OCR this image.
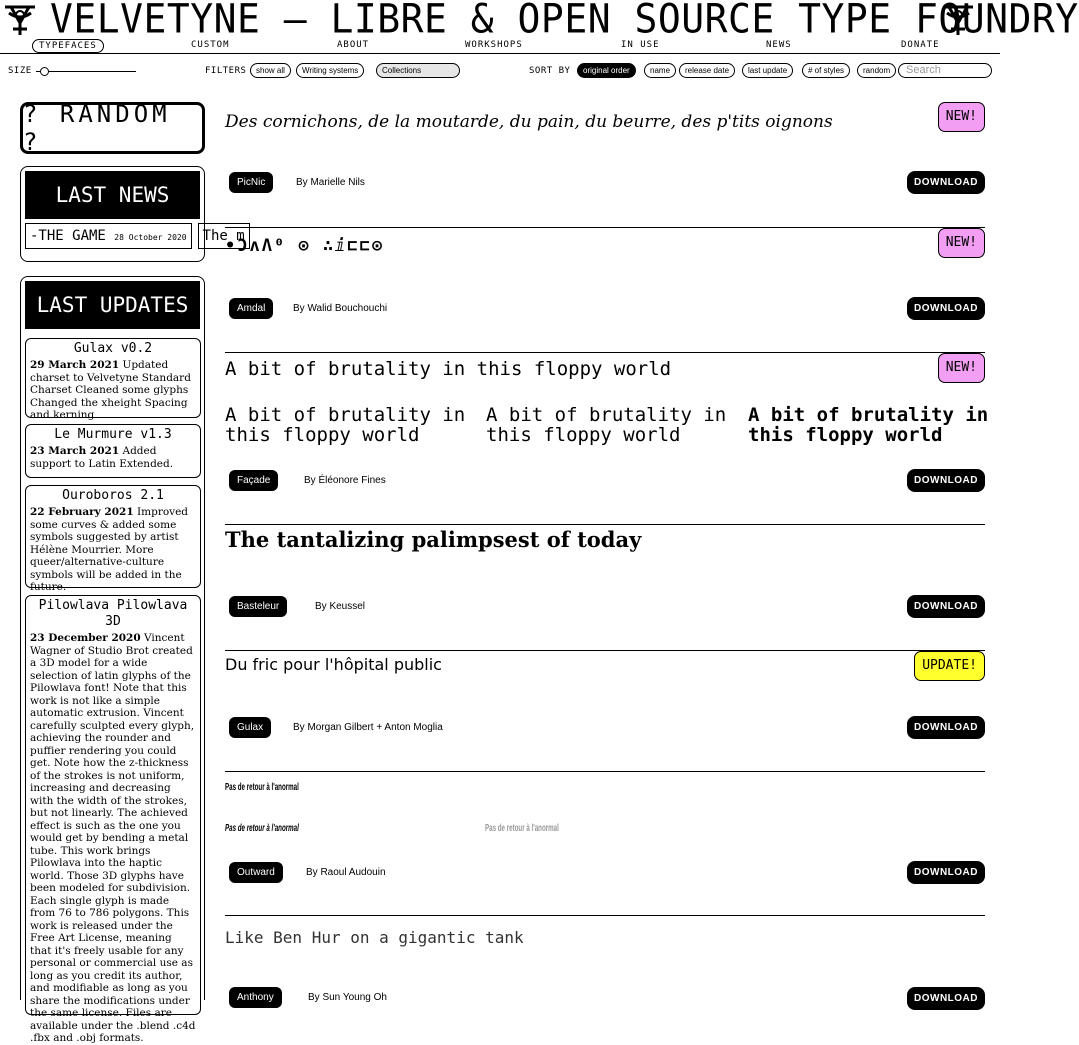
VELVETYNE — LIBRE & OPEN SOURCE TYPE FOUNDRY
TYPEFACES	CUSTOM	ABOUT	WORKSHOPS	IN USE	NEWS	DONATE
SIZE	FILTERS	show all	Writing systems	Collections	SORT BY	original order	name	release date	last update	# of styles	random	Search
? RANDOM ?
LAST NEWS
-THE GAME 28 October 2020 The m
LAST UPDATES
Gulax v0.2
29 March 2021 Updated charset to Velvetyne Standard Charset Cleaned some glyphs Changed the xheight Spacing and kerning
Le Murmure v1.3
23 March 2021 Added support to Latin Extended.
Ouroboros 2.1
22 February 2021 Improved some curves & added some symbols suggested by artist Hélène Mourrier. More queer/alternative-culture symbols will be added in the future.
Pilowlava Pilowlava 3D
23 December 2020 Vincent Wagner of Studio Brot created a 3D model for a wide selection of latin glyphs of the Pilowlava font! Note that this work is not like a simple automatic extrusion. Vincent carefully sculpted every glyph, achieving the rounder and puffier rendering you could get. Note how the z-thickness of the strokes is not uniform, increasing and decreasing with the width of the strokes, but not linearly. The achieved effect is such as the one you would get by bending a metal tube. This work brings Pilowlava into the haptic world. Those 3D glyphs have been modeled for subdivision. Each single glyph is made from 76 to 786 polygons. This work is released under the Free Art License, meaning that it's freely usable for any personal or commercial use as long as you credit its author, and modifiable as long as you share the modifications under the same license. Files are available under the .blend .c4d .fbx and .obj formats.
Des cornichons, de la moutarde, du pain, du beurre, des p'tits oignons	NEW!
PicNic	By Marielle Nils	DOWNLOAD
•ƆʌΛ⁰ ⊙ ∴ⅈ⊏⊏⊙	NEW!
Amdal	By Walid Bouchouchi	DOWNLOAD
A bit of brutality in this floppy world	NEW!
A bit of brutality in this floppy world
A bit of brutality in this floppy world
A bit of brutality in this floppy world
Façade	By Éléonore Fines	DOWNLOAD
The tantalizing palimpsest of today
Basteleur	By Keussel	DOWNLOAD
Du fric pour l'hôpital public	UPDATE!
Gulax	By Morgan Gilbert + Anton Moglia	DOWNLOAD
Pas de retour à l'anormal
Pas de retour à l'anormal	Pas de retour à l'anormal
Outward	By Raoul Audouin	DOWNLOAD
Like Ben Hur on a gigantic tank
Anthony	By Sun Young Oh	DOWNLOAD
